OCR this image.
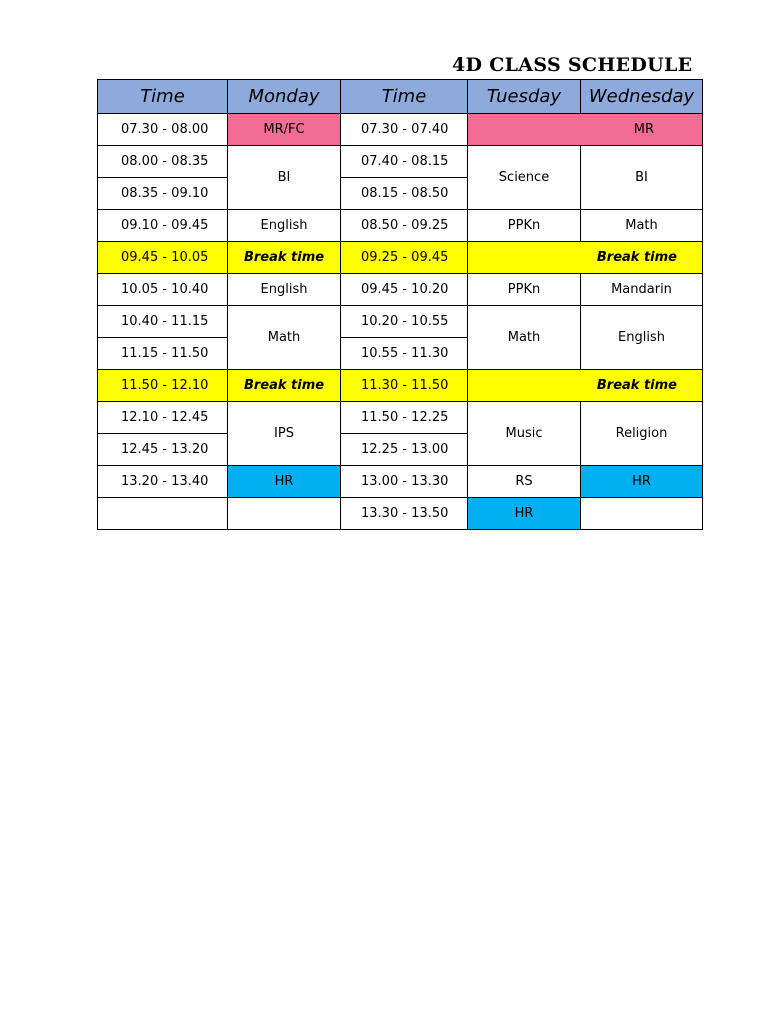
4D CLASS SCHEDULE
Time	Monday	Time	Tuesday	Wednesday
07.30 - 08.00	MR/FC	07.30 - 07.40	MR	
08.00 - 08.35	BI	07.40 - 08.15	Science	BI
08.35 - 09.10		08.15 - 08.50		
09.10 - 09.45	English	08.50 - 09.25	PPKn	Math
09.45 - 10.05	Break time	09.25 - 09.45	Break time	
10.05 - 10.40	English	09.45 - 10.20	PPKn	Mandarin
10.40 - 11.15	Math	10.20 - 10.55	Math	English
11.15 - 11.50		10.55 - 11.30		
11.50 - 12.10	Break time	11.30 - 11.50	Break time	
12.10 - 12.45	IPS	11.50 - 12.25	Music	Religion
12.45 - 13.20		12.25 - 13.00		
13.20 - 13.40	HR	13.00 - 13.30	RS	HR
		13.30 - 13.50	HR	
